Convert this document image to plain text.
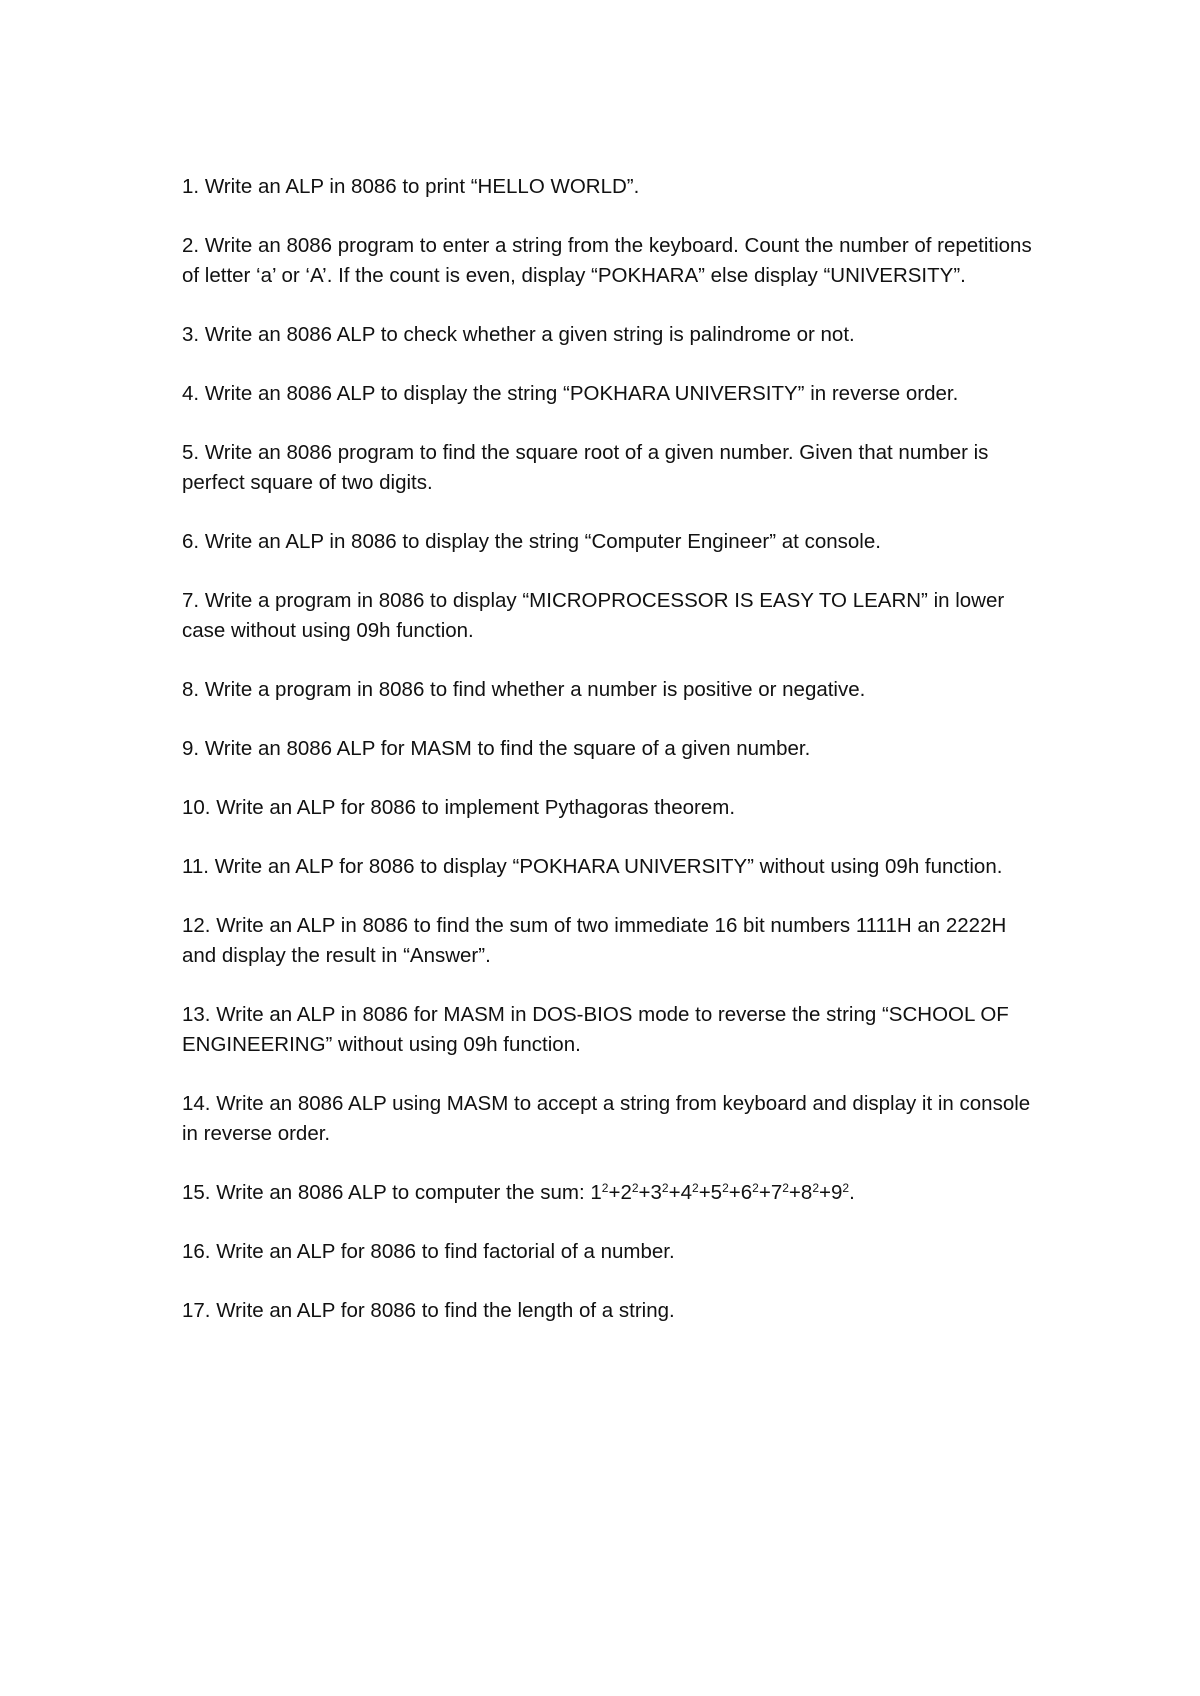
1. Write an ALP in 8086 to print “HELLO WORLD”.
2. Write an 8086 program to enter a string from the keyboard. Count the number of repetitions of letter ‘a’ or ‘A’. If the count is even, display “POKHARA” else display “UNIVERSITY”.
3. Write an 8086 ALP to check whether a given string is palindrome or not.
4. Write an 8086 ALP to display the string “POKHARA UNIVERSITY” in reverse order.
5. Write an 8086 program to find the square root of a given number. Given that number is perfect square of two digits.
6. Write an ALP in 8086 to display the string “Computer Engineer” at console.
7. Write a program in 8086 to display “MICROPROCESSOR IS EASY TO LEARN” in lower case without using 09h function.
8. Write a program in 8086 to find whether a number is positive or negative.
9. Write an 8086 ALP for MASM to find the square of a given number.
10. Write an ALP for 8086 to implement Pythagoras theorem.
11. Write an ALP for 8086 to display “POKHARA UNIVERSITY” without using 09h function.
12. Write an ALP in 8086 to find the sum of two immediate 16 bit numbers 1111H an 2222H and display the result in “Answer”.
13. Write an ALP in 8086 for MASM in DOS-BIOS mode to reverse the string “SCHOOL OF ENGINEERING” without using 09h function.
14. Write an 8086 ALP using MASM to accept a string from keyboard and display it in console in reverse order.
15. Write an 8086 ALP to computer the sum: $1^2+2^2+3^2+4^2+5^2+6^2+7^2+8^2+9^2$.
16. Write an ALP for 8086 to find factorial of a number.
17. Write an ALP for 8086 to find the length of a string.
